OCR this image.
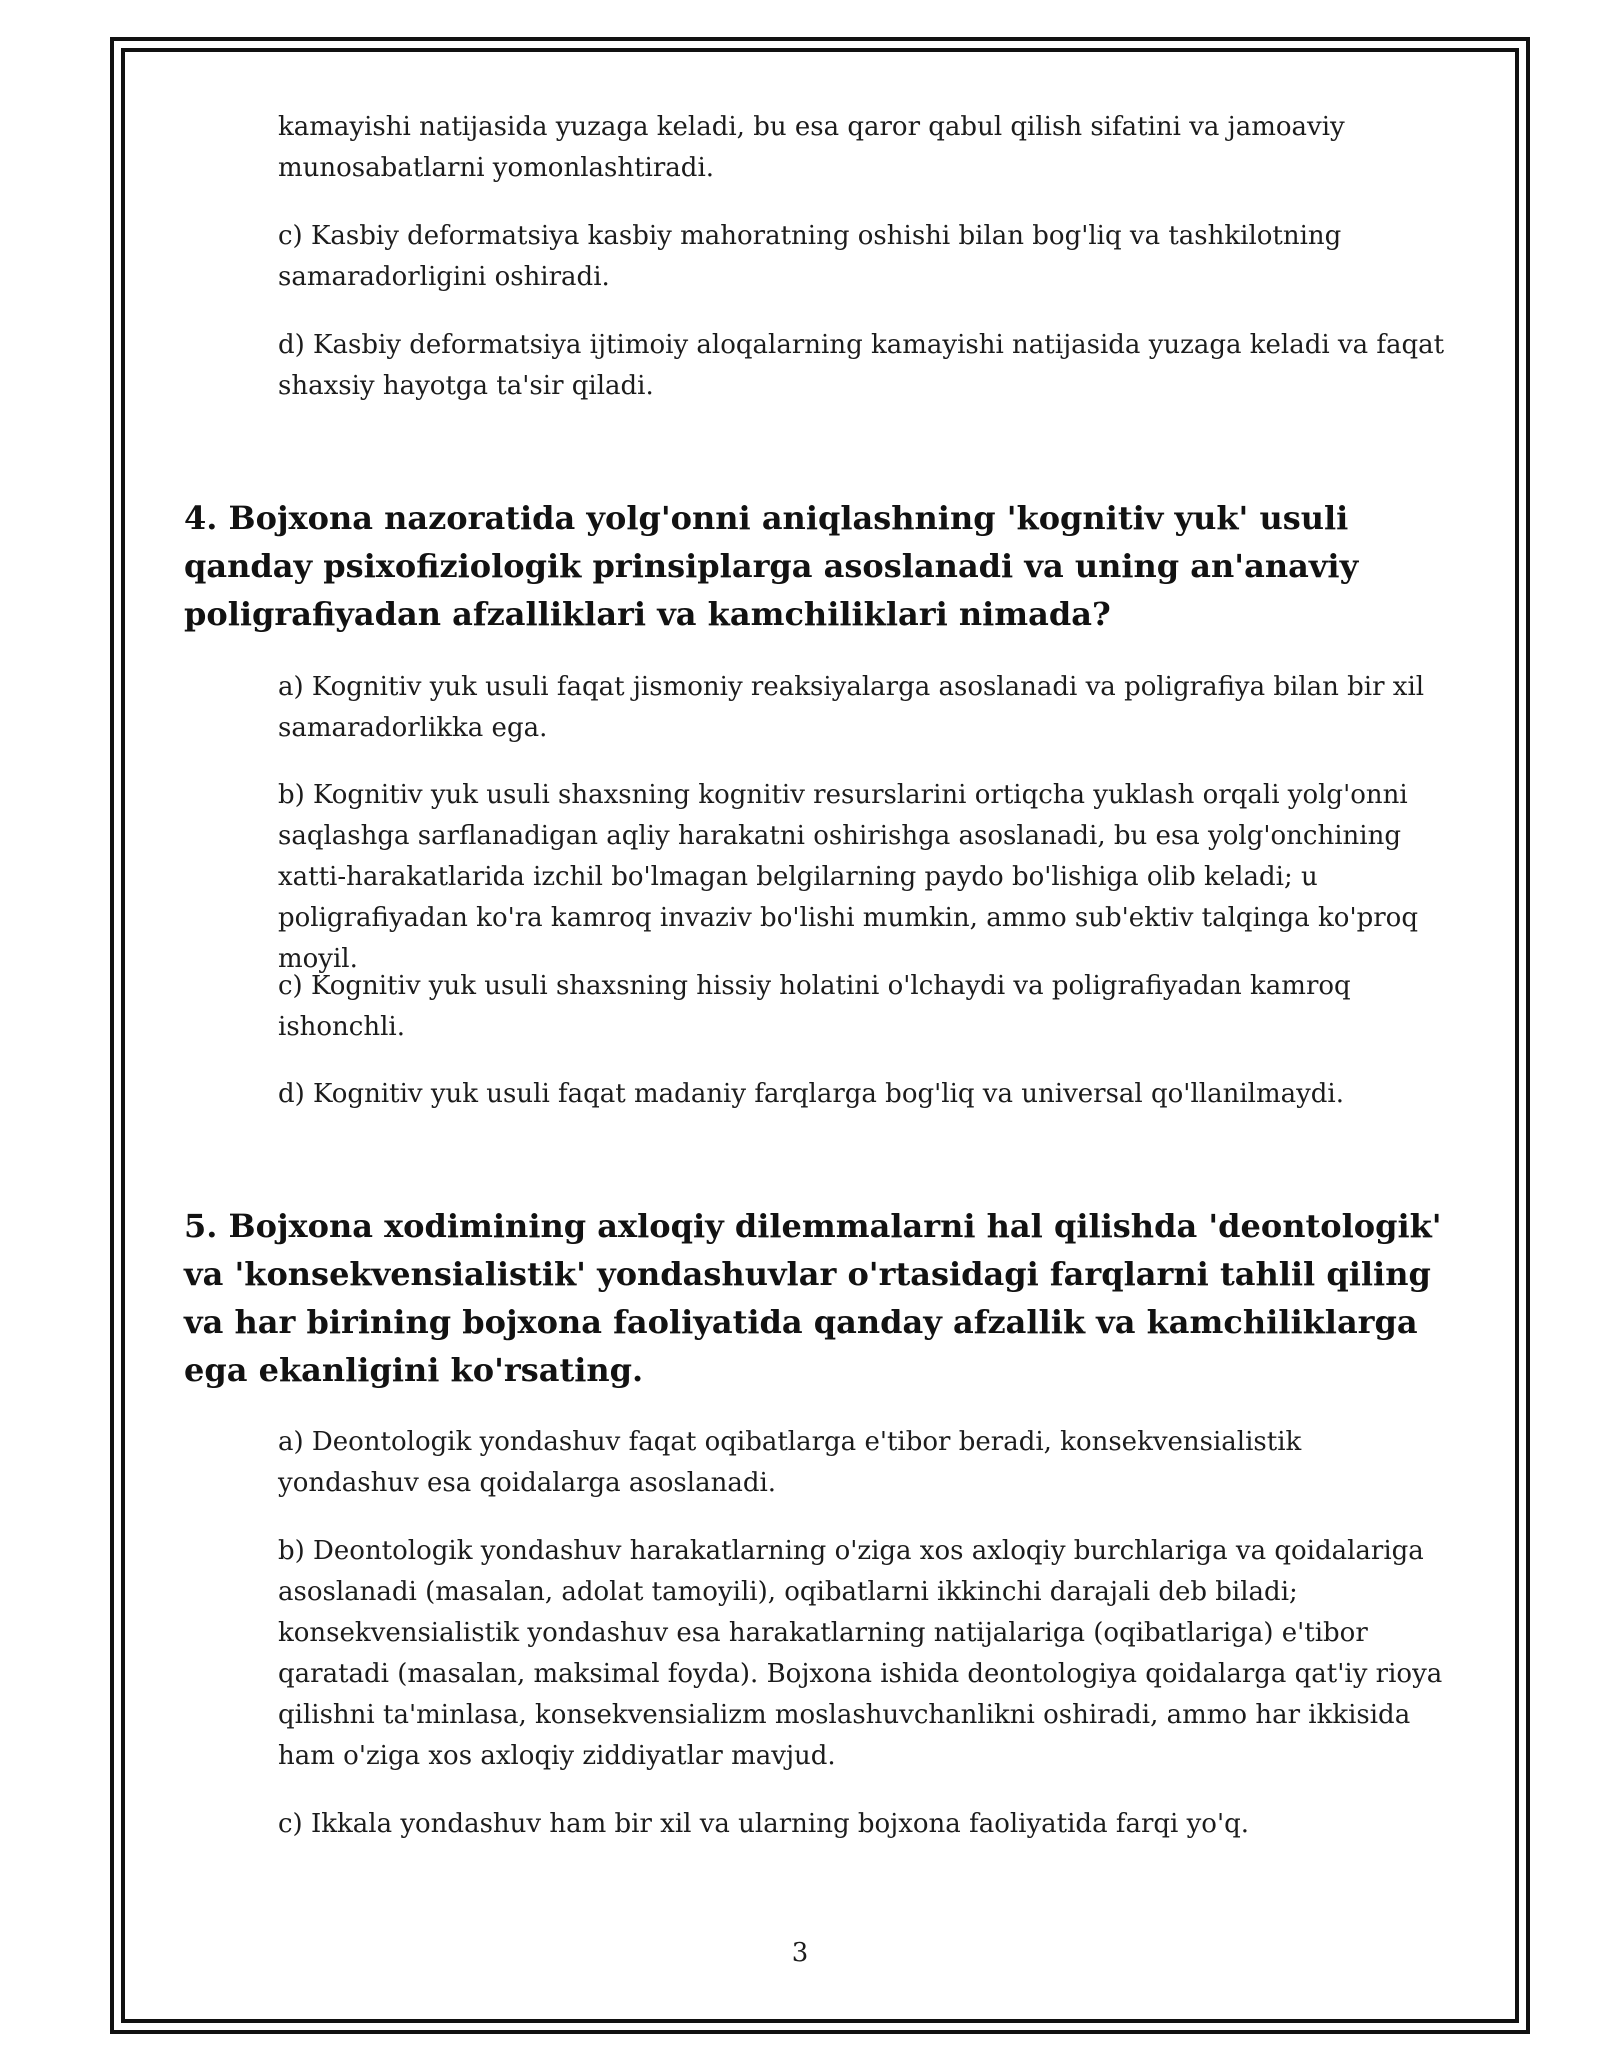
kamayishi natijasida yuzaga keladi, bu esa qaror qabul qilish sifatini va jamoaviy munosabatlarni yomonlashtiradi.

c) Kasbiy deformatsiya kasbiy mahoratning oshishi bilan bog'liq va tashkilotning samaradorligini oshiradi.

d) Kasbiy deformatsiya ijtimoiy aloqalarning kamayishi natijasida yuzaga keladi va faqat shaxsiy hayotga ta'sir qiladi.

4. Bojxona nazoratida yolg'onni aniqlashning 'kognitiv yuk' usuli qanday psixofiziologik prinsiplarga asoslanadi va uning an'anaviy poligrafiyadan afzalliklari va kamchiliklari nimada?

a) Kognitiv yuk usuli faqat jismoniy reaksiyalarga asoslanadi va poligrafiya bilan bir xil samaradorlikka ega.

b) Kognitiv yuk usuli shaxsning kognitiv resurslarini ortiqcha yuklash orqali yolg'onni saqlashga sarflanadigan aqliy harakatni oshirishga asoslanadi, bu esa yolg'onchining xatti-harakatlarida izchil bo'lmagan belgilarning paydo bo'lishiga olib keladi; u poligrafiyadan ko'ra kamroq invaziv bo'lishi mumkin, ammo sub'ektiv talqinga ko'proq moyil.

c) Kognitiv yuk usuli shaxsning hissiy holatini o'lchaydi va poligrafiyadan kamroq ishonchli.

d) Kognitiv yuk usuli faqat madaniy farqlarga bog'liq va universal qo'llanilmaydi.

5. Bojxona xodimining axloqiy dilemmalarni hal qilishda 'deontologik' va 'konsekvensialistik' yondashuvlar o'rtasidagi farqlarni tahlil qiling va har birining bojxona faoliyatida qanday afzallik va kamchiliklarga ega ekanligini ko'rsating.

a) Deontologik yondashuv faqat oqibatlarga e'tibor beradi, konsekvensialistik yondashuv esa qoidalarga asoslanadi.

b) Deontologik yondashuv harakatlarning o'ziga xos axloqiy burchlariga va qoidalariga asoslanadi (masalan, adolat tamoyili), oqibatlarni ikkinchi darajali deb biladi; konsekvensialistik yondashuv esa harakatlarning natijalariga (oqibatlariga) e'tibor qaratadi (masalan, maksimal foyda). Bojxona ishida deontologiya qoidalarga qat'iy rioya qilishni ta'minlasa, konsekvensializm moslashuvchanlikni oshiradi, ammo har ikkisida ham o'ziga xos axloqiy ziddiyatlar mavjud.

c) Ikkala yondashuv ham bir xil va ularning bojxona faoliyatida farqi yo'q.

3
